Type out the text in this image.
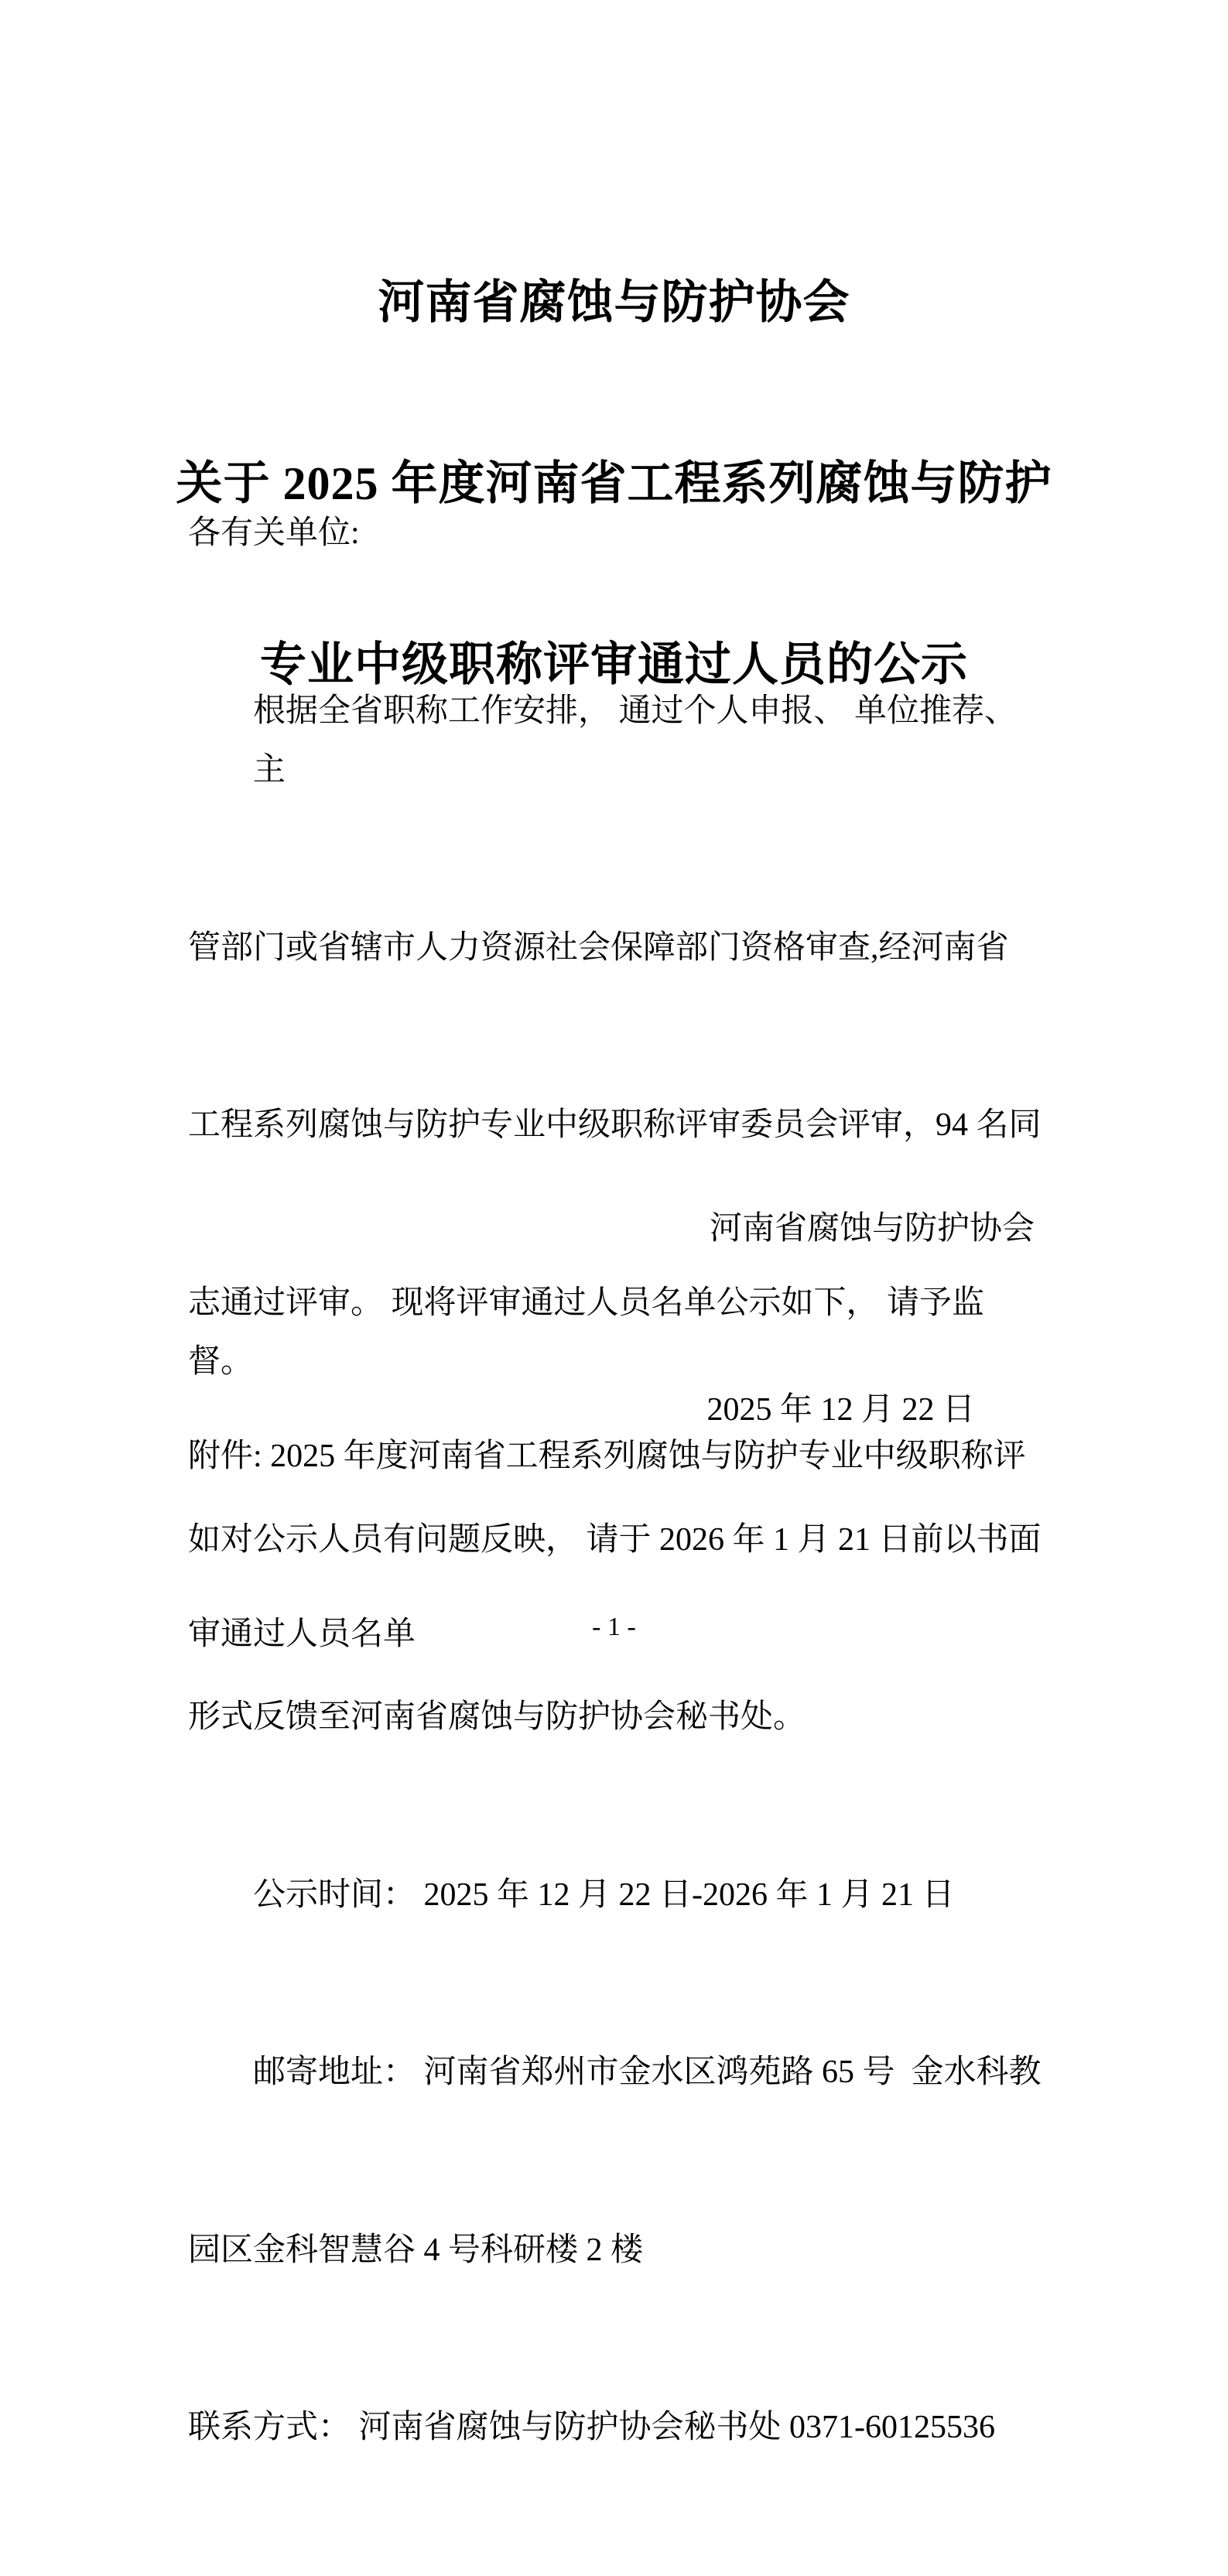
河南省腐蚀与防护协会

关于 2025 年度河南省工程系列腐蚀与防护

专业中级职称评审通过人员的公示

各有关单位:

根据全省职称工作安排， 通过个人申报、 单位推荐、 主

管部门或省辖市人力资源社会保障部门资格审查,经河南省

工程系列腐蚀与防护专业中级职称评审委员会评审，94 名同

志通过评审。 现将评审通过人员名单公示如下， 请予监督。

如对公示人员有问题反映， 请于 2026 年 1 月 21 日前以书面

形式反馈至河南省腐蚀与防护协会秘书处。

公示时间： 2025 年 12 月 22 日-2026 年 1 月 21 日

邮寄地址： 河南省郑州市金水区鸿苑路 65 号  金水科教

园区金科智慧谷 4 号科研楼 2 楼

联系方式： 河南省腐蚀与防护协会秘书处 0371-60125536

河南省腐蚀与防护协会

2025 年 12 月 22 日

附件: 2025 年度河南省工程系列腐蚀与防护专业中级职称评

审通过人员名单

	- 1 -
